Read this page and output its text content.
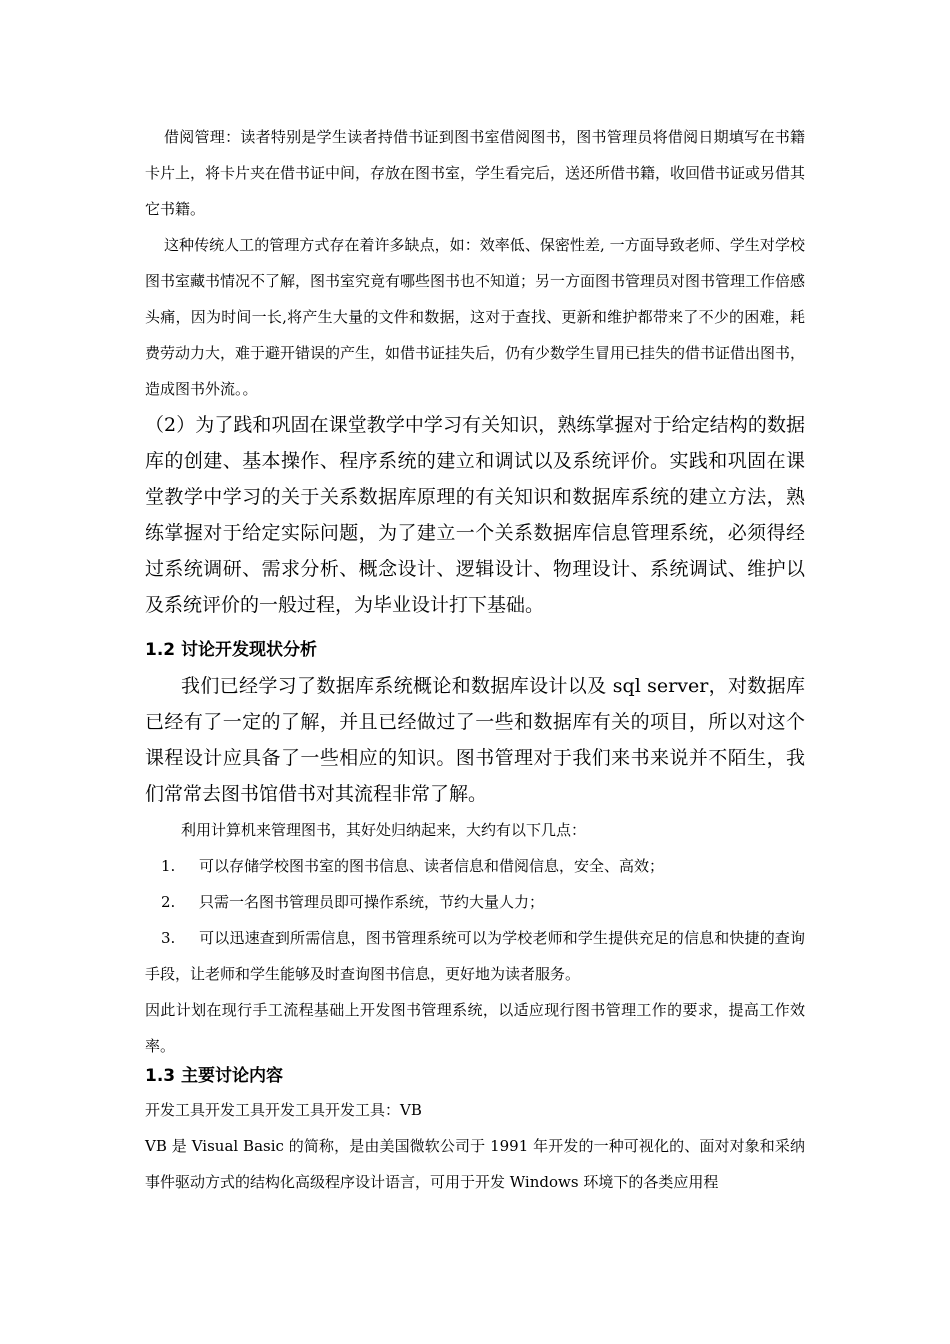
借阅管理：读者特别是学生读者持借书证到图书室借阅图书，图书管理员将借阅日期填写在书籍卡片上，将卡片夹在借书证中间，存放在图书室，学生看完后，送还所借书籍，收回借书证或另借其它书籍。

这种传统人工的管理方式存在着许多缺点，如：效率低、保密性差, 一方面导致老师、学生对学校图书室藏书情况不了解，图书室究竟有哪些图书也不知道；另一方面图书管理员对图书管理工作倍感头痛，因为时间一长,将产生大量的文件和数据，这对于查找、更新和维护都带来了不少的困难，耗费劳动力大，难于避开错误的产生，如借书证挂失后，仍有少数学生冒用已挂失的借书证借出图书，造成图书外流。。

（2）为了践和巩固在课堂教学中学习有关知识，熟练掌握对于给定结构的数据库的创建、基本操作、程序系统的建立和调试以及系统评价。实践和巩固在课堂教学中学习的关于关系数据库原理的有关知识和数据库系统的建立方法，熟练掌握对于给定实际问题，为了建立一个关系数据库信息管理系统，必须得经过系统调研、需求分析、概念设计、逻辑设计、物理设计、系统调试、维护以及系统评价的一般过程，为毕业设计打下基础。

1.2 讨论开发现状分析

我们已经学习了数据库系统概论和数据库设计以及 sql server，对数据库已经有了一定的了解，并且已经做过了一些和数据库有关的项目，所以对这个课程设计应具备了一些相应的知识。图书管理对于我们来书来说并不陌生，我们常常去图书馆借书对其流程非常了解。

利用计算机来管理图书，其好处归纳起来，大约有以下几点：

1. 可以存储学校图书室的图书信息、读者信息和借阅信息，安全、高效；
2. 只需一名图书管理员即可操作系统，节约大量人力；
3. 可以迅速查到所需信息，图书管理系统可以为学校老师和学生提供充足的信息和快捷的查询手段，让老师和学生能够及时查询图书信息，更好地为读者服务。

因此计划在现行手工流程基础上开发图书管理系统，以适应现行图书管理工作的要求，提高工作效率。

1.3 主要讨论内容

开发工具开发工具开发工具开发工具：VB

VB 是 Visual Basic 的简称，是由美国微软公司于 1991 年开发的一种可视化的、面对对象和采纳事件驱动方式的结构化高级程序设计语言，可用于开发 Windows 环境下的各类应用程
